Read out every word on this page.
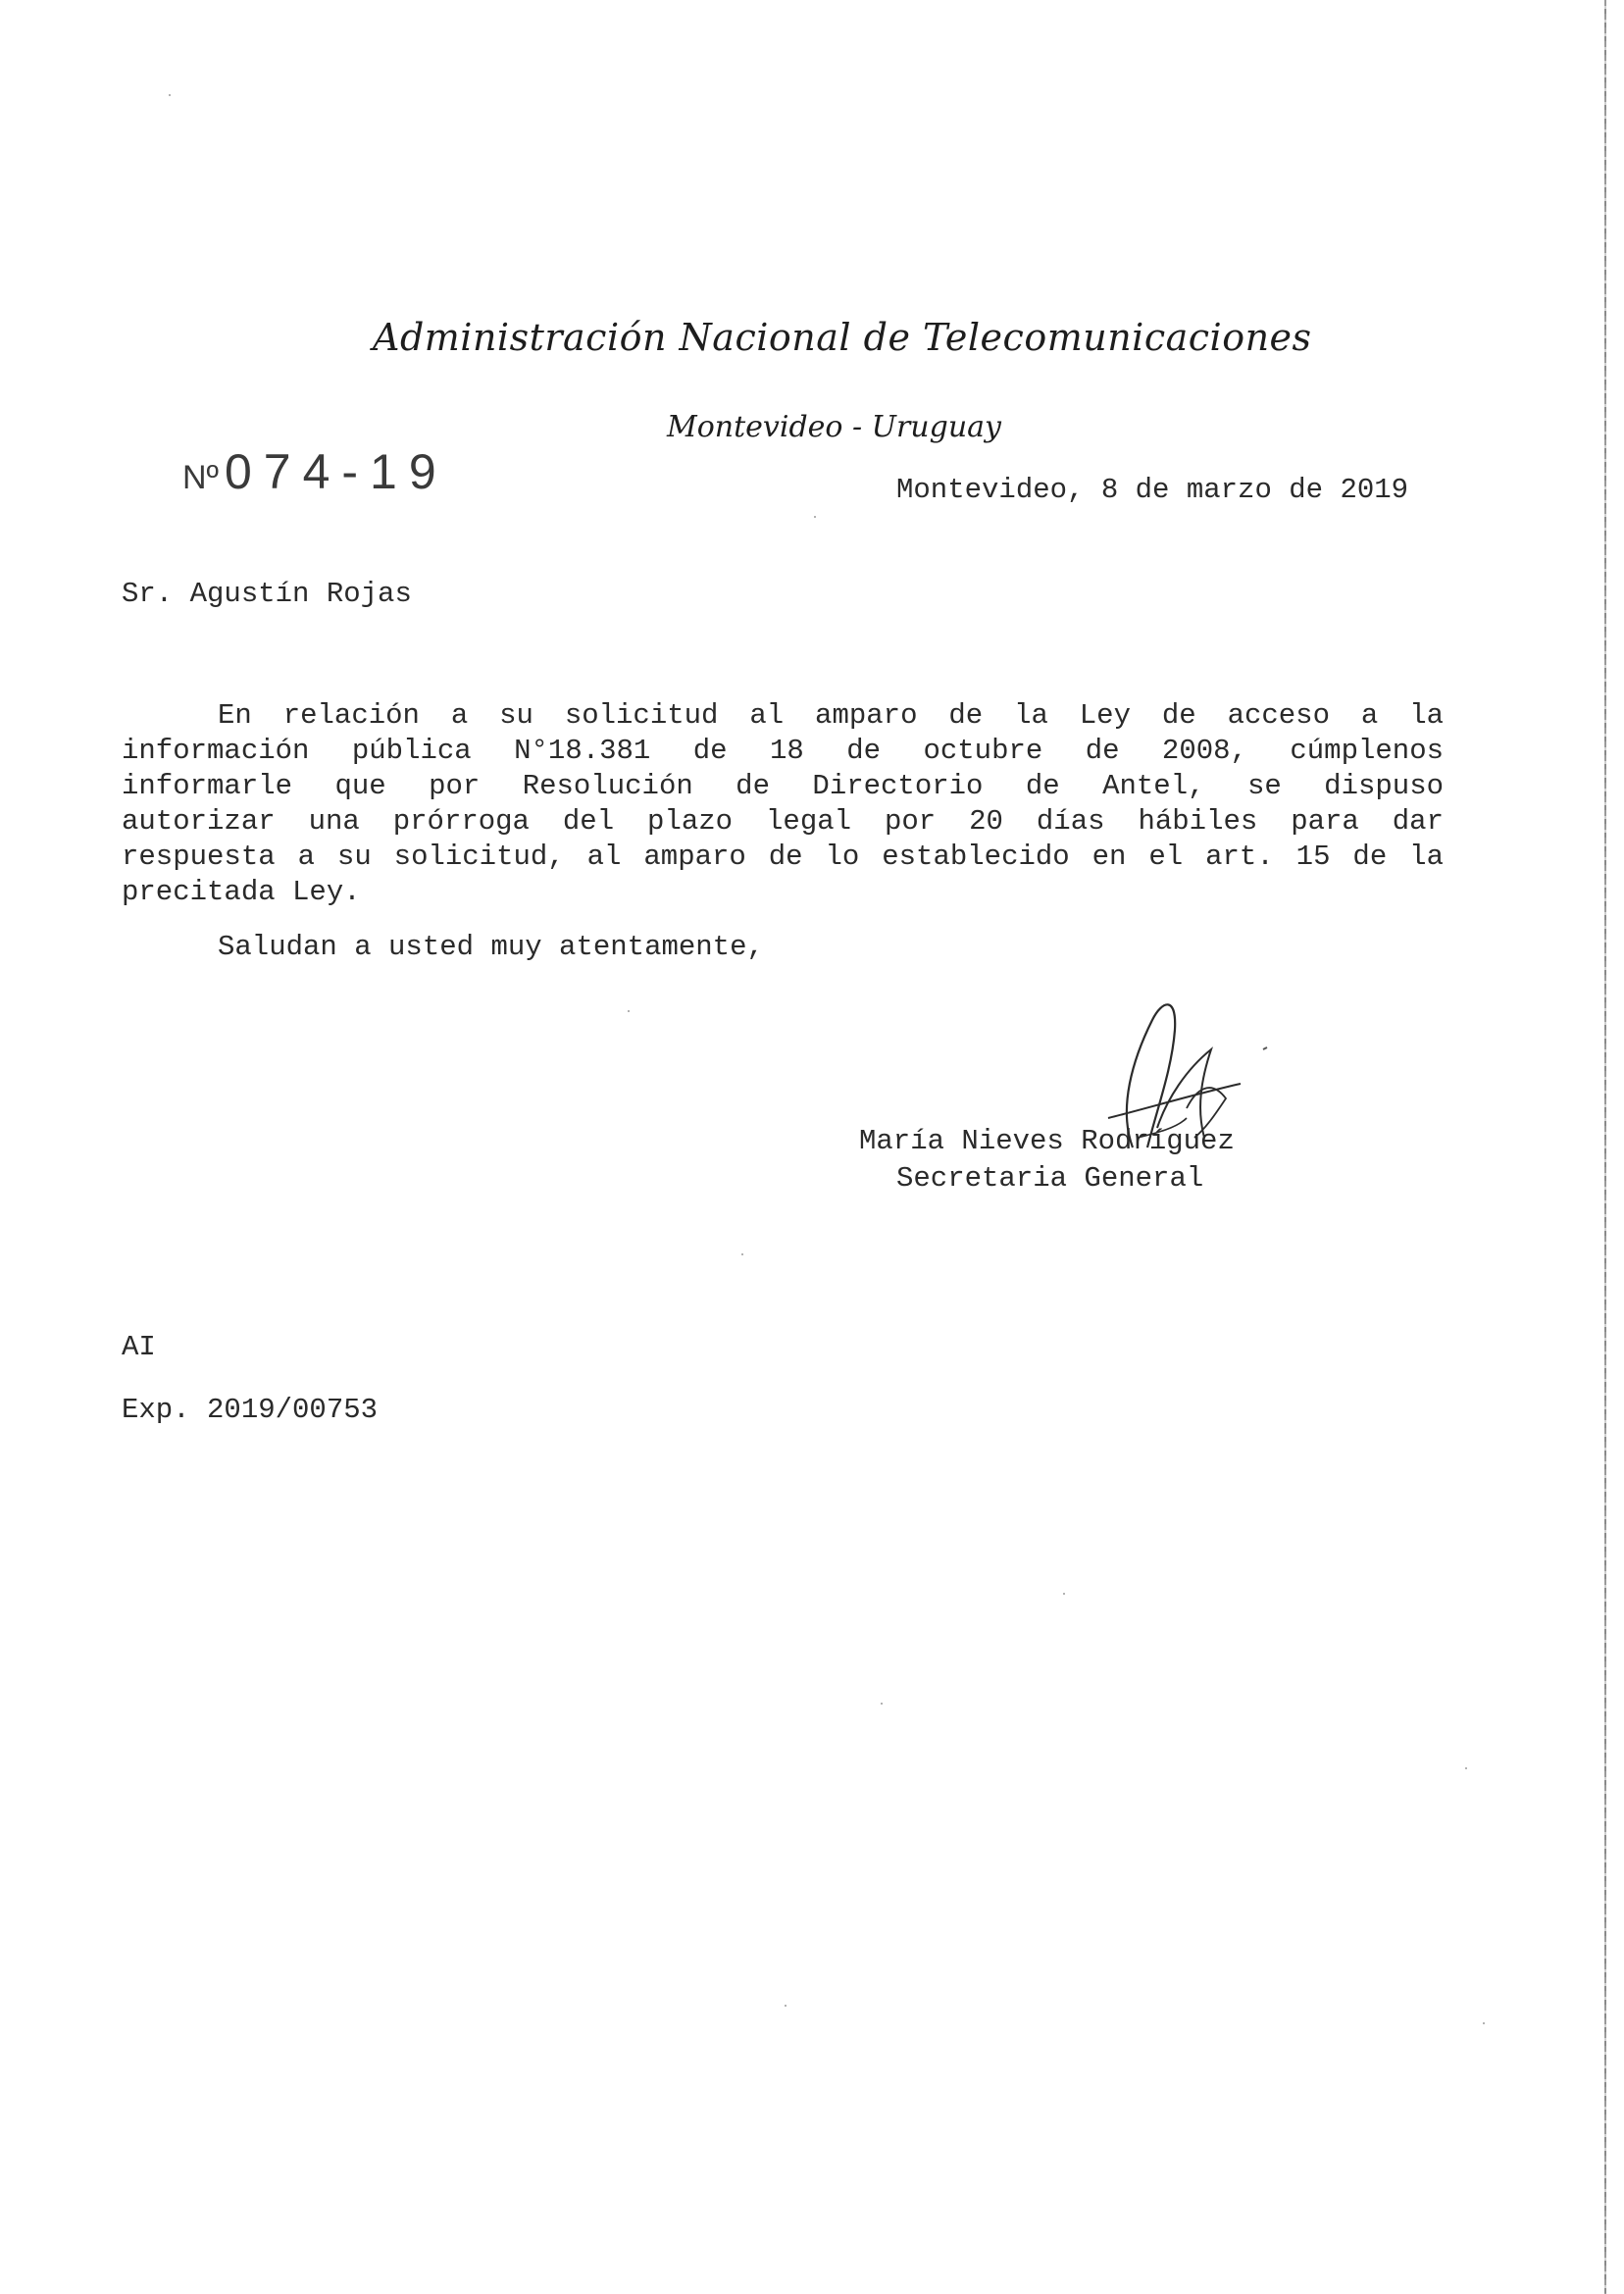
Administración Nacional de Telecomunicaciones
Montevideo - Uruguay
Nº 074-19	Montevideo, 8 de marzo de 2019
Sr. Agustín Rojas
En relación a su solicitud al amparo de la Ley de acceso a la
información pública N°18.381 de 18 de octubre de 2008, cúmplenos
informarle que por Resolución de Directorio de Antel, se dispuso
autorizar una prórroga del plazo legal por 20 días hábiles para dar
respuesta a su solicitud, al amparo de lo establecido en el art. 15 de la
precitada Ley.
Saludan a usted muy atentamente,
María Nieves Rodríguez
Secretaria General
AI
Exp. 2019/00753
